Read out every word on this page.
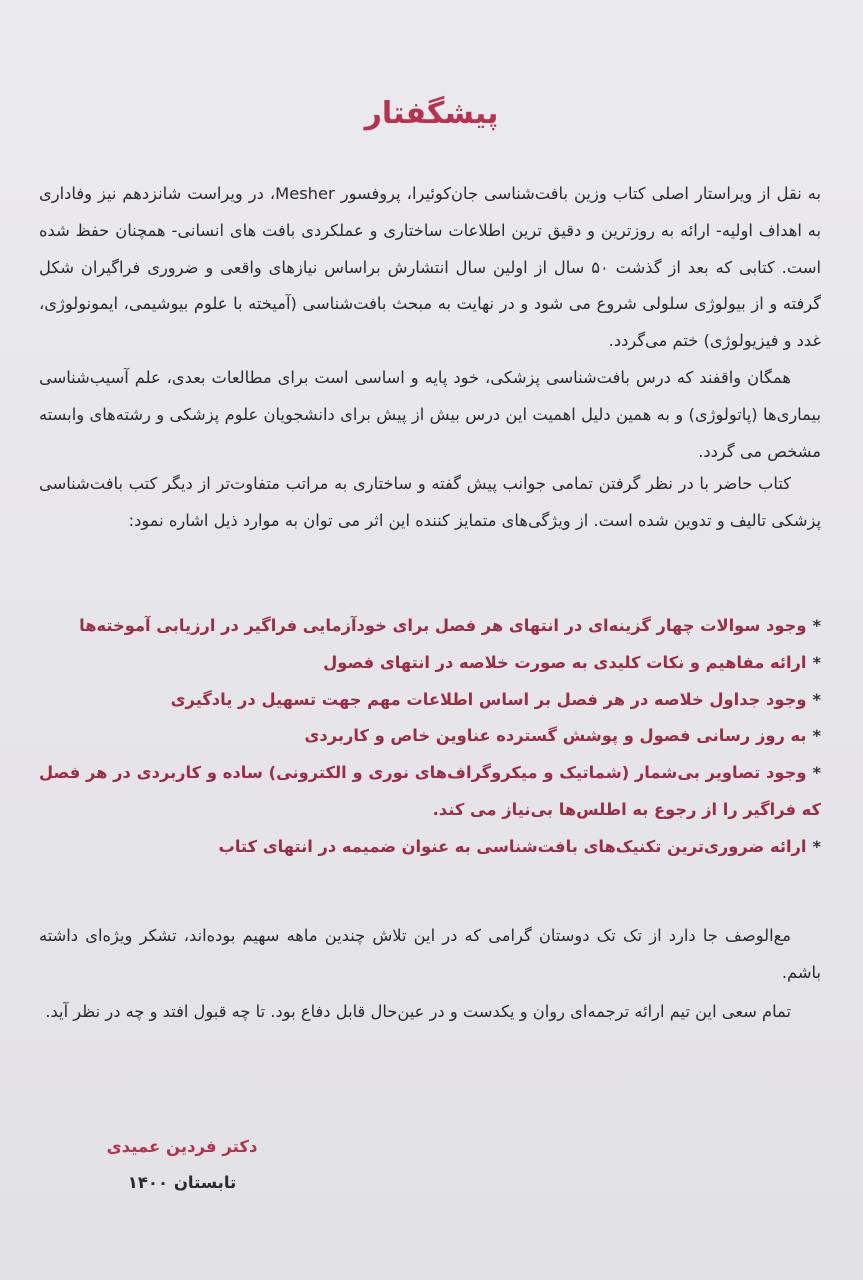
پیشگفتار

به نقل از ویراستار اصلی کتاب وزین بافت‌شناسی جان‌کوئیرا، پروفسور Mesher، در ویراست شانزدهم نیز وفاداری به اهداف اولیه- ارائه به روزترین و دقیق ترین اطلاعات ساختاری و عملکردی بافت های انسانی- همچنان حفظ شده است. کتابی که بعد از گذشت ۵۰ سال از اولین سال انتشارش براساس نیازهای واقعی و ضروری فراگیران شکل گرفته و از بیولوژی سلولی شروع می شود و در نهایت به مبحث بافت‌شناسی (آمیخته با علوم بیوشیمی، ایمونولوژی، غدد و فیزیولوژی) ختم می‌گردد.

همگان واقفند که درس بافت‌شناسی پزشکی، خود پایه و اساسی است برای مطالعات بعدی، علم آسیب‌شناسی بیماری‌ها (پاتولوژی) و به همین دلیل اهمیت این درس بیش از پیش برای دانشجویان علوم پزشکی و رشته‌های وابسته مشخص می گردد.

کتاب حاضر با در نظر گرفتن تمامی جوانب پیش گفته و ساختاری به مراتب متفاوت‌تر از دیگر کتب بافت‌شناسی پزشکی تالیف و تدوین شده است. از ویژگی‌های متمایز کننده این اثر می توان به موارد ذیل اشاره نمود:

*وجود سوالات چهار گزینه‌ای در انتهای هر فصل برای خودآزمایی فراگیر در ارزیابی آموخته‌ها
*ارائه مفاهیم و نکات کلیدی به صورت خلاصه در انتهای فصول
*وجود جداول خلاصه در هر فصل بر اساس اطلاعات مهم جهت تسهیل در یادگیری
*به روز رسانی فصول و پوشش گسترده عناوین خاص و کاربردی
*وجود تصاویر بی‌شمار (شماتیک و میکروگراف‌های نوری و الکترونی) ساده و کاربردی در هر فصل که فراگیر را از رجوع به اطلس‌ها بی‌نیاز می کند.
*ارائه ضروری‌ترین تکنیک‌های بافت‌شناسی به عنوان ضمیمه در انتهای کتاب

مع‌الوصف جا دارد از تک تک دوستان گرامی که در این تلاش چندین ماهه سهیم بوده‌اند، تشکر ویژه‌ای داشته باشم.

تمام سعی این تیم ارائه ترجمه‌ای روان و یکدست و در عین‌حال قابل دفاع بود. تا چه قبول افتد و چه در نظر آید.

دکتر فردین عمیدی
تابستان ۱۴۰۰
